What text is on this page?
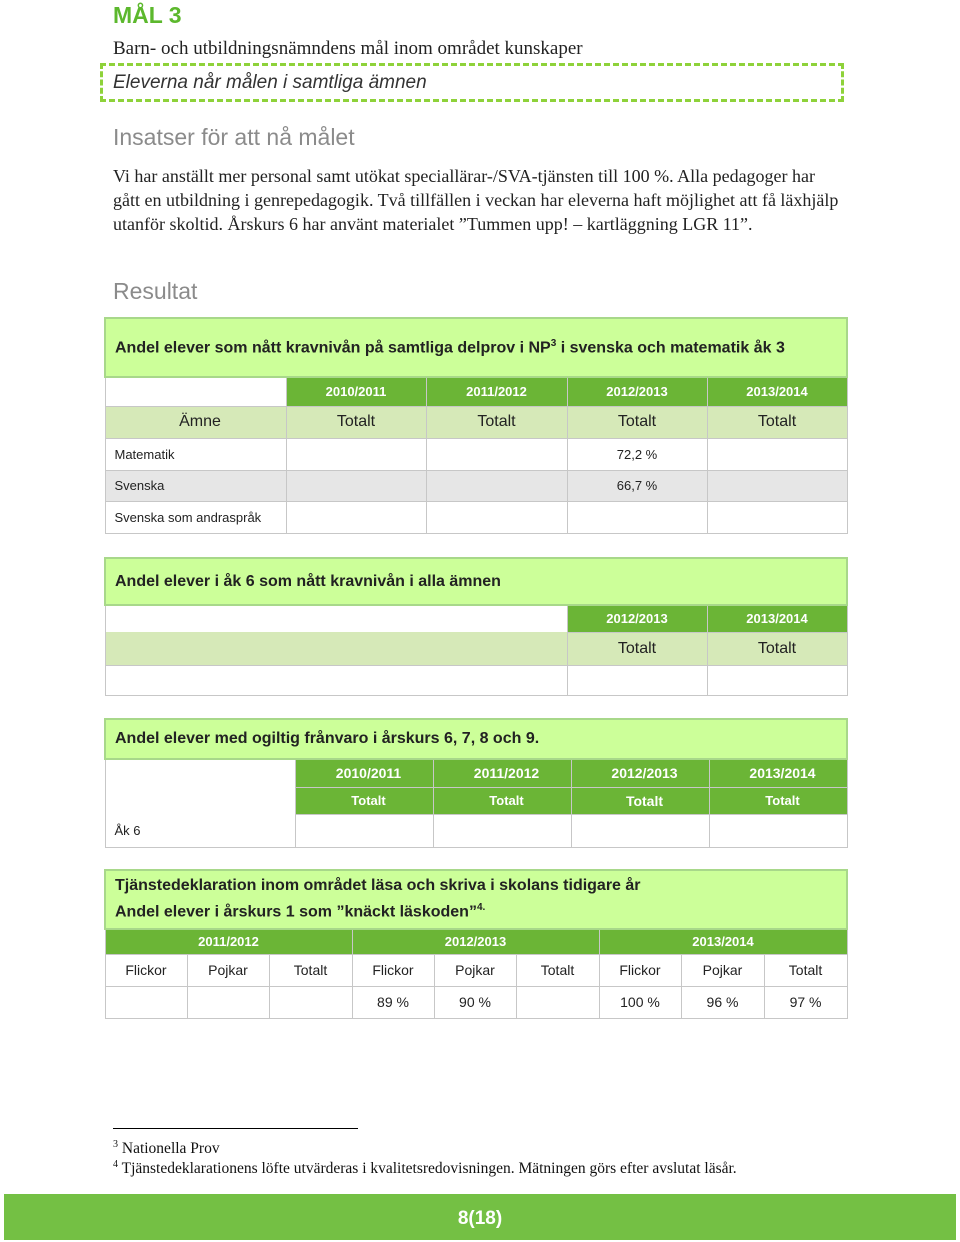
MÅL 3
Barn- och utbildningsnämndens mål inom området kunskaper
Eleverna når målen i samtliga ämnen
Insatser för att nå målet
Vi har anställt mer personal samt utökat speciallärar-/SVA-tjänsten till 100 %. Alla pedagoger har gått en utbildning i genrepedagogik. Två tillfällen i veckan har eleverna haft möjlighet att få läxhjälp utanför skoltid. Årskurs 6 har använt materialet ”Tummen upp! – kartläggning LGR 11”.
Resultat
Andel elever som nått kravnivån på samtliga delprov i $NP^3$ i svenska och matematik åk 3				
	2010/2011	2011/2012	2012/2013	2013/2014
Ämne	Totalt	Totalt	Totalt	Totalt
Matematik			72,2 %	
Svenska			66,7 %	
Svenska som andraspråk				
Andel elever i åk 6 som nått kravnivån i alla ämnen		
	2012/2013	2013/2014
	Totalt	Totalt

Andel elever med ogiltig frånvaro i årskurs 6, 7, 8 och 9.				
	2010/2011	2011/2012	2012/2013	2013/2014
	Totalt	Totalt	Totalt	Totalt
Åk 6				
Tjänstedeklaration inom området läsa och skriva i skolans tidigare år
Andel elever i årskurs 1 som ”knäckt läskoden”$^{4.}$

2011/2012			2012/2013			2013/2014		
Flickor	Pojkar	Totalt	Flickor	Pojkar	Totalt	Flickor	Pojkar	Totalt
			89 %	90 %		100 %	96 %	97 %
$^3$ Nationella Prov
$^4$ Tjänstedeklarationens löfte utvärderas i kvalitetsredovisningen. Mätningen görs efter avslutat läsår.
8(18)
